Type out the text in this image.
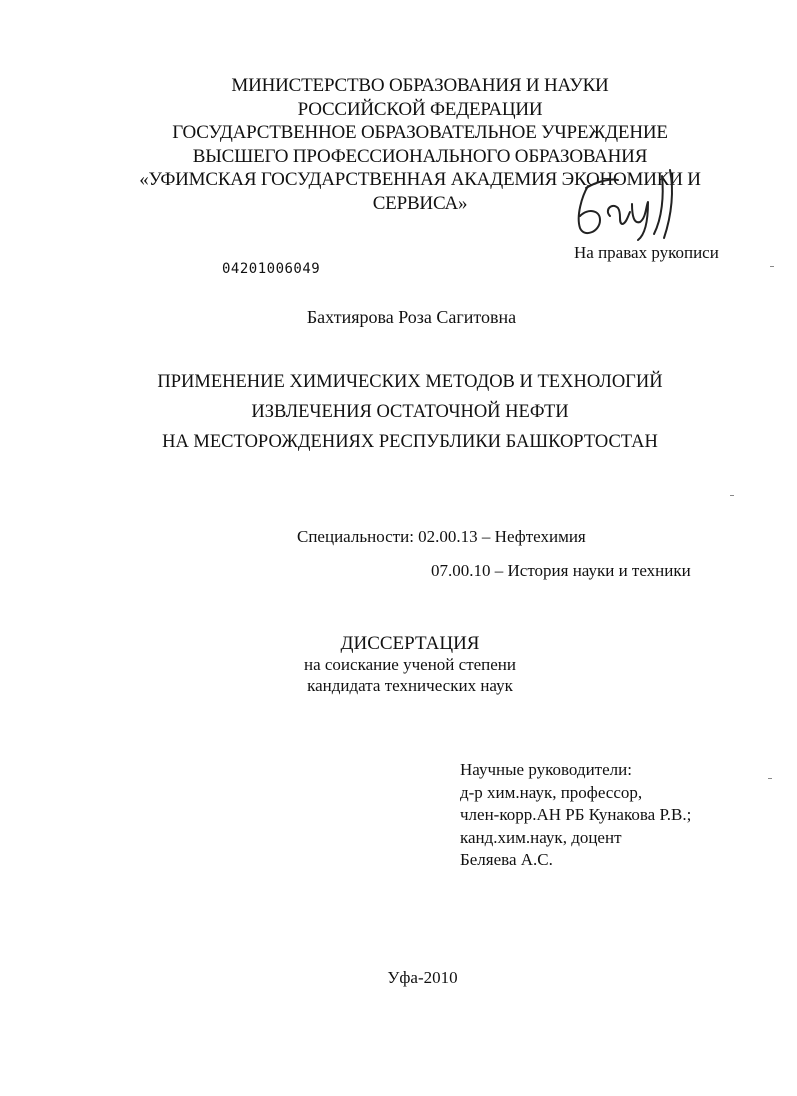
МИНИСТЕРСТВО ОБРАЗОВАНИЯ И НАУКИ
РОССИЙСКОЙ ФЕДЕРАЦИИ
ГОСУДАРСТВЕННОЕ ОБРАЗОВАТЕЛЬНОЕ УЧРЕЖДЕНИЕ
ВЫСШЕГО ПРОФЕССИОНАЛЬНОГО ОБРАЗОВАНИЯ
«УФИМСКАЯ ГОСУДАРСТВЕННАЯ АКАДЕМИЯ ЭКОНОМИКИ И
СЕРВИСА»
На правах рукописи
04201006049
Бахтиярова Роза Сагитовна
ПРИМЕНЕНИЕ ХИМИЧЕСКИХ МЕТОДОВ И ТЕХНОЛОГИЙ
ИЗВЛЕЧЕНИЯ ОСТАТОЧНОЙ НЕФТИ
НА МЕСТОРОЖДЕНИЯХ РЕСПУБЛИКИ БАШКОРТОСТАН
Специальности: 02.00.13 – Нефтехимия
07.00.10 – История науки и техники
ДИССЕРТАЦИЯ
на соискание ученой степени
кандидата технических наук
Научные руководители:
д-р хим.наук, профессор,
член-корр.АН РБ Кунакова Р.В.;
канд.хим.наук, доцент
Беляева А.С.
Уфа-2010
